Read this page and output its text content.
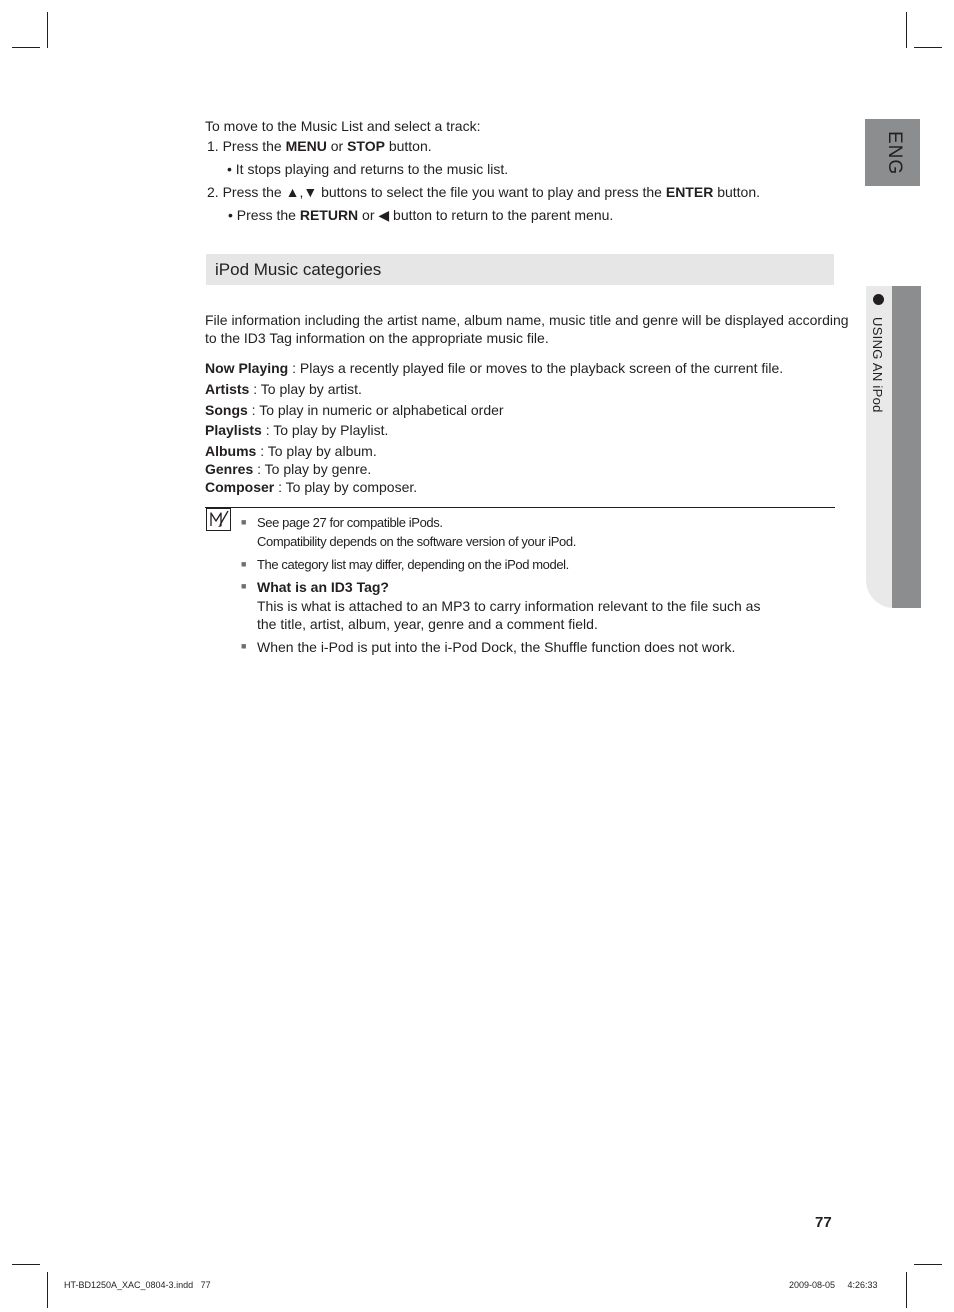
ENG
USING AN iPod
To move to the Music List and select a track:
1. Press the MENU or STOP button.
• It stops playing and returns to the music list.
2. Press the ▲,▼ buttons to select the file you want to play and press the ENTER button.
• Press the RETURN or ◀ button to return to the parent menu.
iPod Music categories
File information including the artist name, album name, music title and genre will be displayed according
to the ID3 Tag information on the appropriate music file.
Now Playing : Plays a recently played file or moves to the playback screen of the current file.
Artists : To play by artist.
Songs : To play in numeric or alphabetical order
Playlists : To play by Playlist.
Albums : To play by album.
Genres : To play by genre.
Composer : To play by composer.
■ See page 27 for compatible iPods.
Compatibility depends on the software version of your iPod.
■ The category list may differ, depending on the iPod model.
■ What is an ID3 Tag?
This is what is attached to an MP3 to carry information relevant to the file such as
the title, artist, album, year, genre and a comment field.
■ When the i-Pod is put into the i-Pod Dock, the Shuffle function does not work.
77
HT-BD1250A_XAC_0804-3.indd   77	2009-08-05     4:26:33
